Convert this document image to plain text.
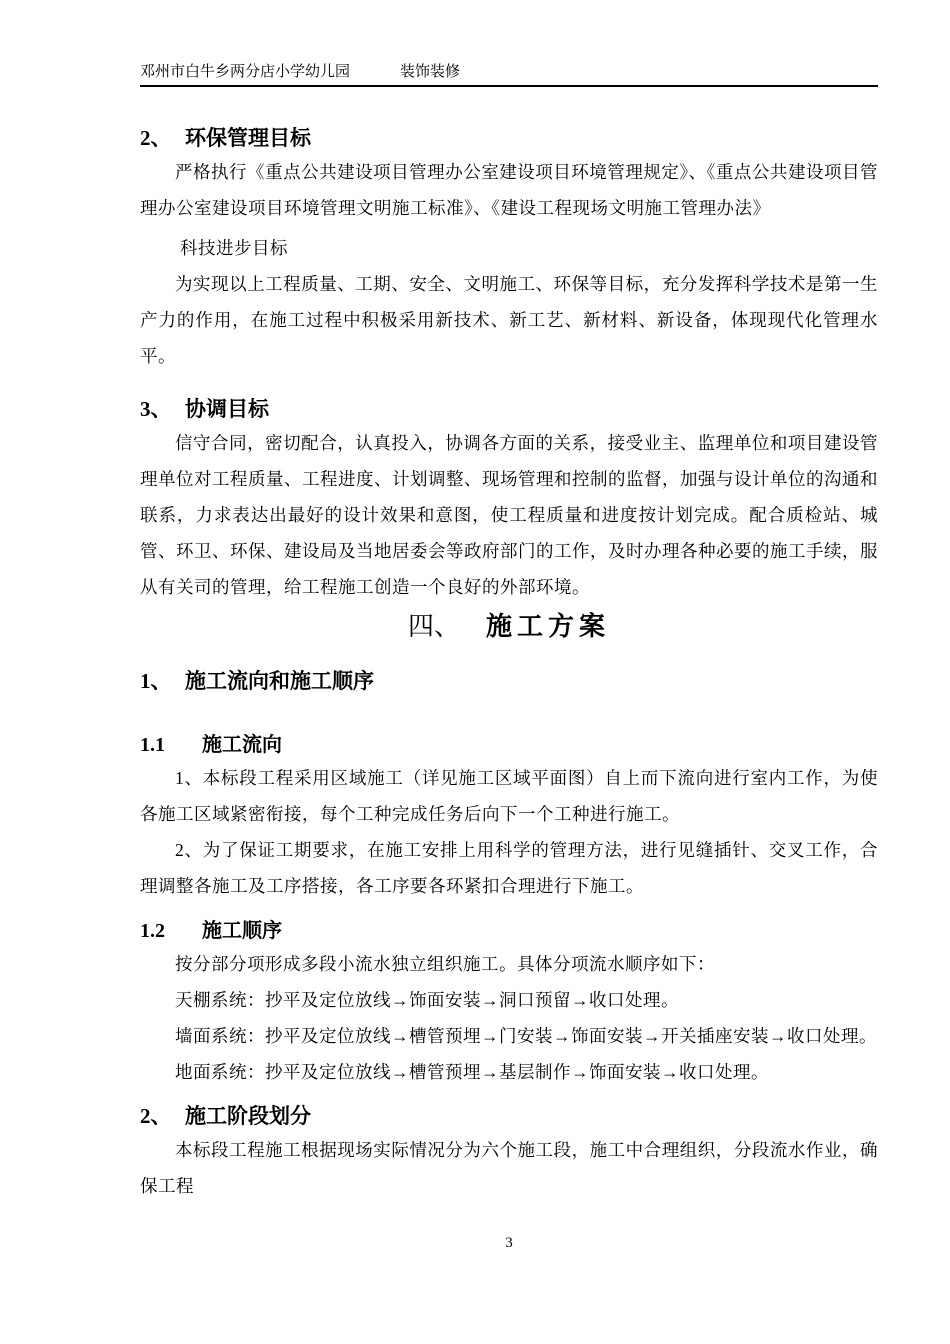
邓州市白牛乡两分店小学幼儿园	装饰装修
2、 环保管理目标

严格执行《重点公共建设项目管理办公室建设项目环境管理规定》、《重点公共建设项目管理办公室建设项目环境管理文明施工标准》、《建设工程现场文明施工管理办法》

科技进步目标

为实现以上工程质量、工期、安全、文明施工、环保等目标，充分发挥科学技术是第一生产力的作用，在施工过程中积极采用新技术、新工艺、新材料、新设备，体现现代化管理水平。

3、 协调目标

信守合同，密切配合，认真投入，协调各方面的关系，接受业主、监理单位和项目建设管理单位对工程质量、工程进度、计划调整、现场管理和控制的监督，加强与设计单位的沟通和联系，力求表达出最好的设计效果和意图，使工程质量和进度按计划完成。配合质检站、城管、环卫、环保、建设局及当地居委会等政府部门的工作，及时办理各种必要的施工手续，服从有关司的管理，给工程施工创造一个良好的外部环境。

四、 施工方案
1、 施工流向和施工顺序
1.1 施工流向

1、本标段工程采用区域施工（详见施工区域平面图）自上而下流向进行室内工作，为使各施工区域紧密衔接，每个工种完成任务后向下一个工种进行施工。

2、为了保证工期要求，在施工安排上用科学的管理方法，进行见缝插针、交叉工作，合理调整各施工及工序搭接，各工序要各环紧扣合理进行下施工。

1.2 施工顺序

按分部分项形成多段小流水独立组织施工。具体分项流水顺序如下：

天棚系统：抄平及定位放线→饰面安装→洞口预留→收口处理。

墙面系统：抄平及定位放线→槽管预埋→门安装→饰面安装→开关插座安装→收口处理。

地面系统：抄平及定位放线→槽管预埋→基层制作→饰面安装→收口处理。

2、 施工阶段划分

本标段工程施工根据现场实际情况分为六个施工段，施工中合理组织，分段流水作业，确保工程

3
